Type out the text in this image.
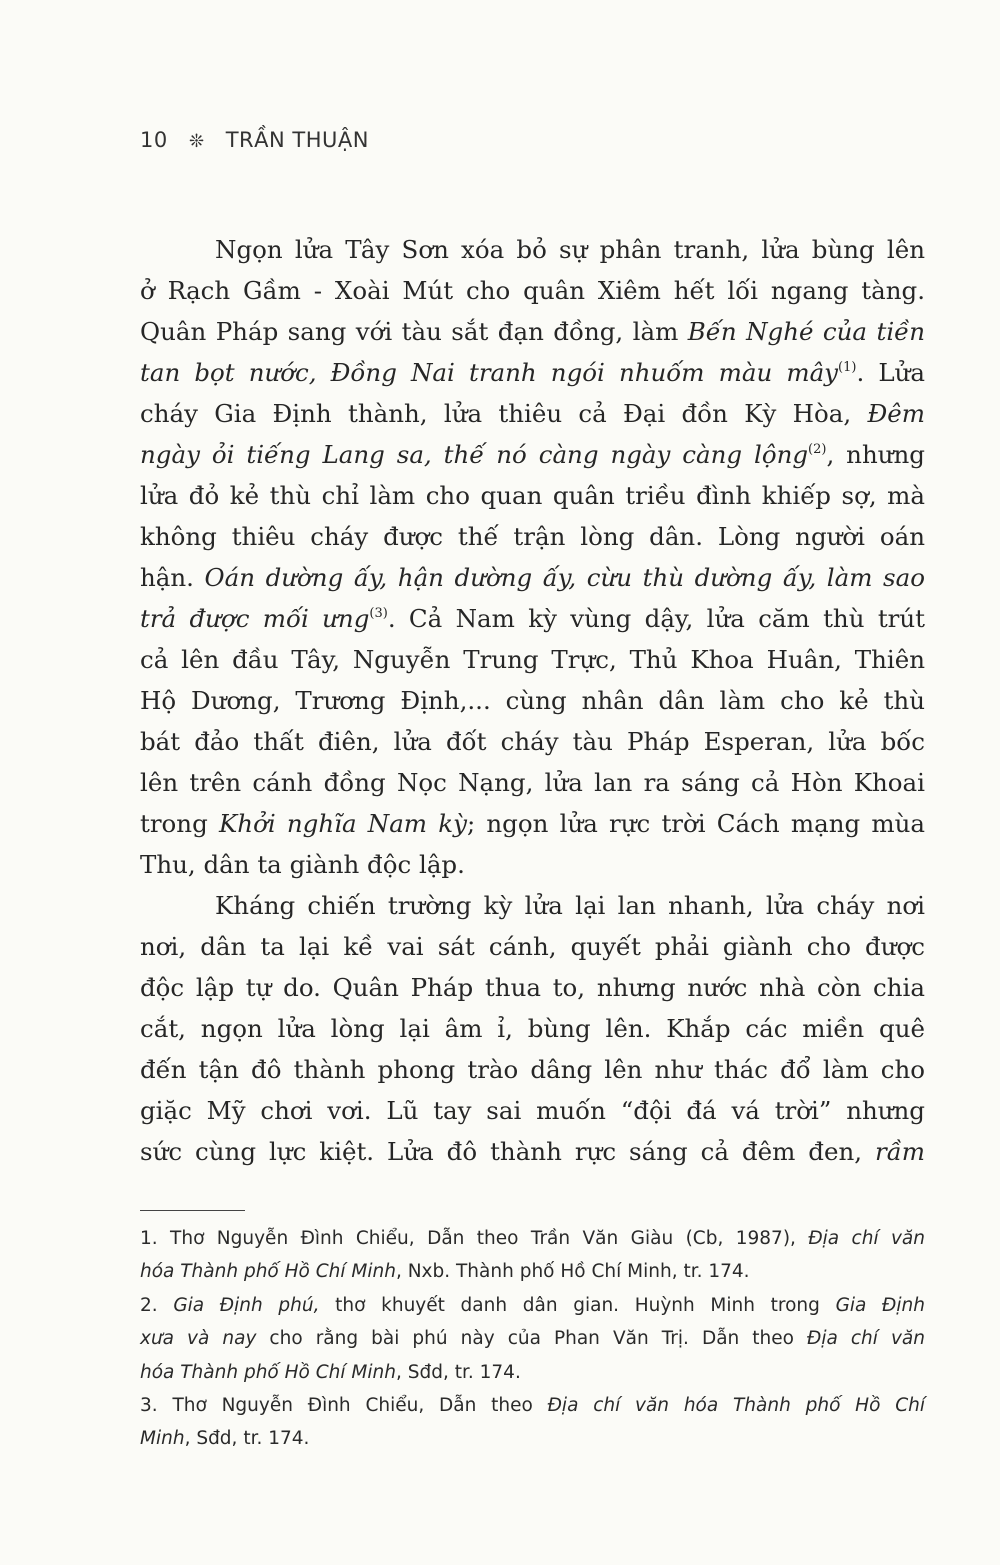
10 ❊ TRẦN THUẬN
Ngọn lửa Tây Sơn xóa bỏ sự phân tranh, lửa bùng lên
ở Rạch Gầm - Xoài Mút cho quân Xiêm hết lối ngang tàng.
Quân Pháp sang với tàu sắt đạn đồng, làm Bến Nghé của tiền
tan bọt nước, Đồng Nai tranh ngói nhuốm màu mây$^{(1)}$. Lửa
cháy Gia Định thành, lửa thiêu cả Đại đồn Kỳ Hòa, Đêm
ngày ỏi tiếng Lang sa, thế nó càng ngày càng lộng$^{(2)}$, nhưng
lửa đỏ kẻ thù chỉ làm cho quan quân triều đình khiếp sợ, mà
không thiêu cháy được thế trận lòng dân. Lòng người oán
hận. Oán dường ấy, hận dường ấy, cừu thù dường ấy, làm sao
trả được mối ưng$^{(3)}$. Cả Nam kỳ vùng dậy, lửa căm thù trút
cả lên đầu Tây, Nguyễn Trung Trực, Thủ Khoa Huân, Thiên
Hộ Dương, Trương Định,... cùng nhân dân làm cho kẻ thù
bát đảo thất điên, lửa đốt cháy tàu Pháp Esperan, lửa bốc
lên trên cánh đồng Nọc Nạng, lửa lan ra sáng cả Hòn Khoai
trong Khởi nghĩa Nam kỳ; ngọn lửa rực trời Cách mạng mùa
Thu, dân ta giành độc lập.
Kháng chiến trường kỳ lửa lại lan nhanh, lửa cháy nơi
nơi, dân ta lại kề vai sát cánh, quyết phải giành cho được
độc lập tự do. Quân Pháp thua to, nhưng nước nhà còn chia
cắt, ngọn lửa lòng lại âm ỉ, bùng lên. Khắp các miền quê
đến tận đô thành phong trào dâng lên như thác đổ làm cho
giặc Mỹ chơi vơi. Lũ tay sai muốn “đội đá vá trời” nhưng
sức cùng lực kiệt. Lửa đô thành rực sáng cả đêm đen, rầm
1. Thơ Nguyễn Đình Chiểu, Dẫn theo Trần Văn Giàu (Cb, 1987), Địa chí văn
hóa Thành phố Hồ Chí Minh, Nxb. Thành phố Hồ Chí Minh, tr. 174.
2. Gia Định phú, thơ khuyết danh dân gian. Huỳnh Minh trong Gia Định
xưa và nay cho rằng bài phú này của Phan Văn Trị. Dẫn theo Địa chí văn
hóa Thành phố Hồ Chí Minh, Sđd, tr. 174.
3. Thơ Nguyễn Đình Chiểu, Dẫn theo Địa chí văn hóa Thành phố Hồ Chí
Minh, Sđd, tr. 174.
